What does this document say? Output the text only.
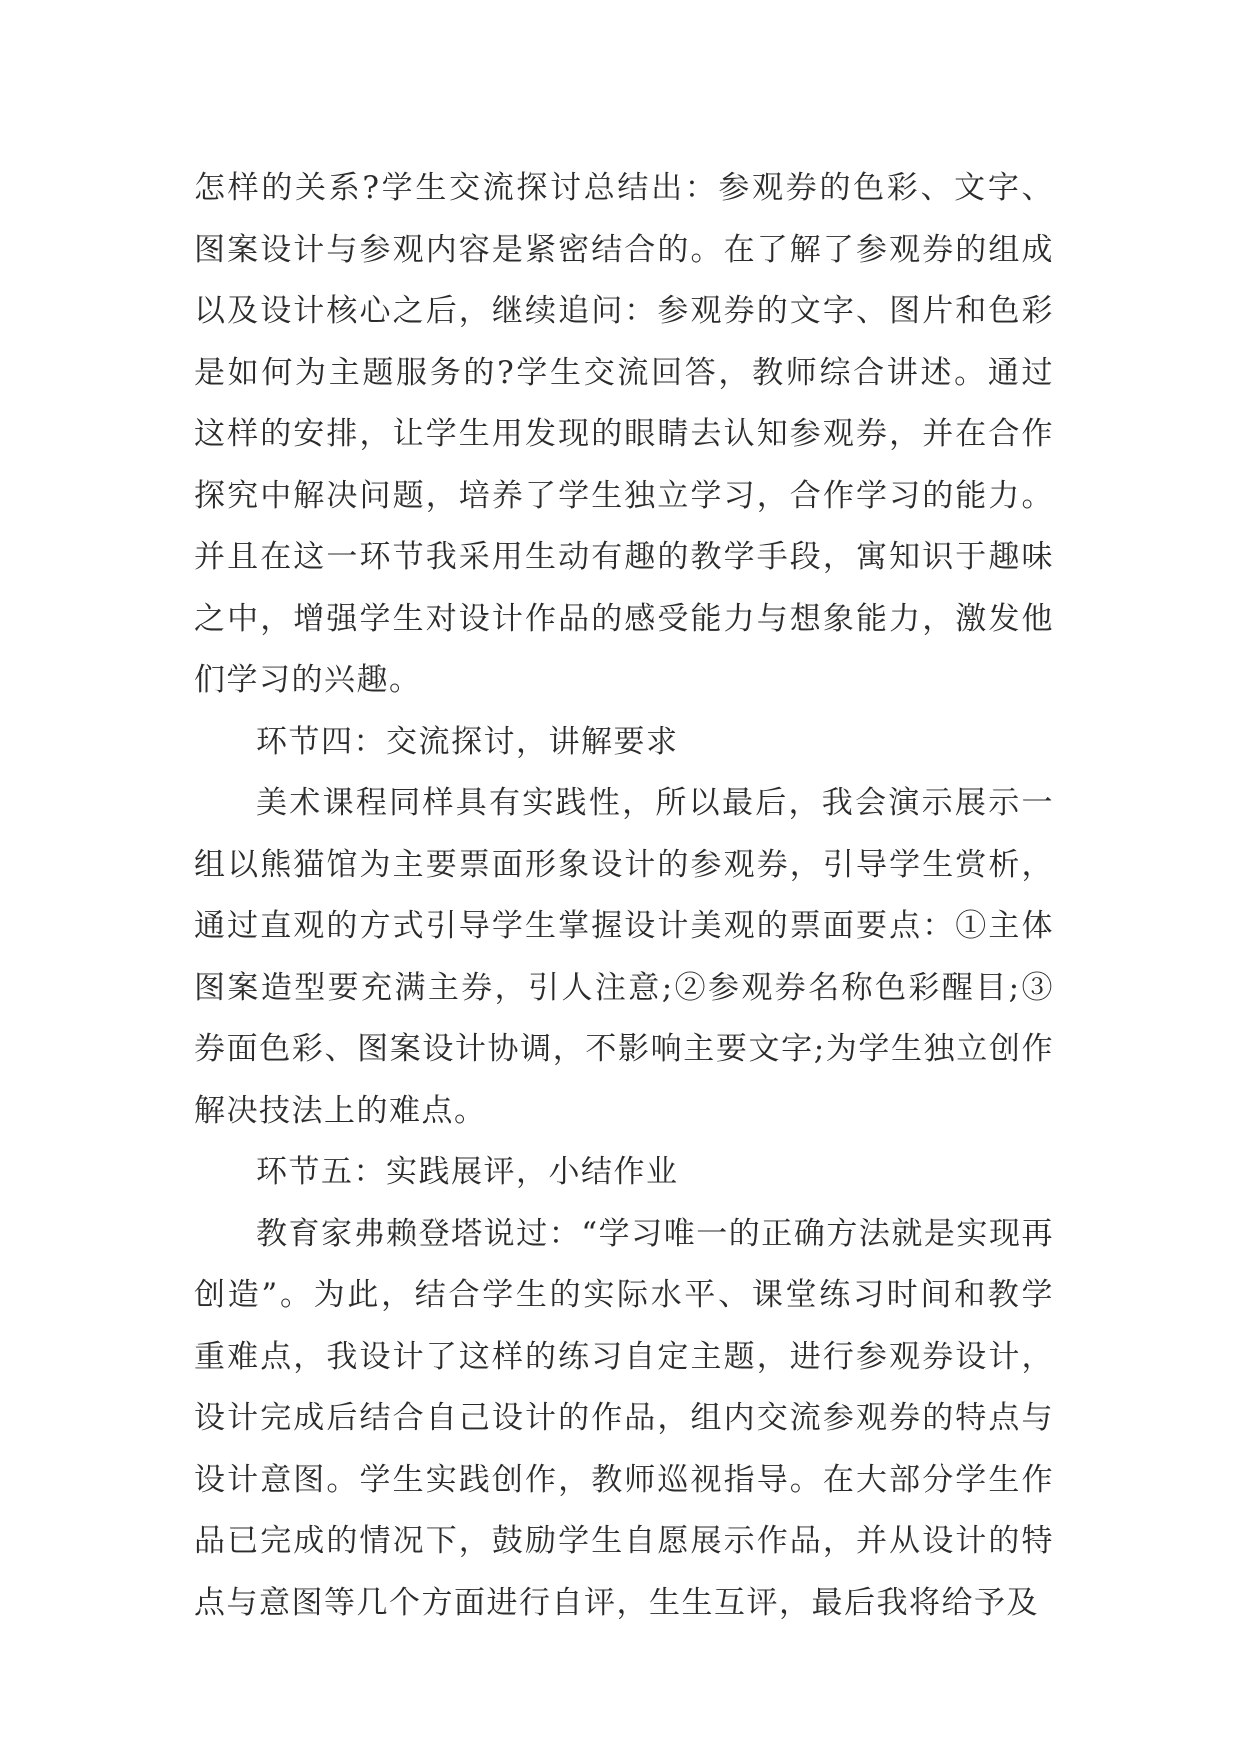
怎样的关系?学生交流探讨总结出：参观券的色彩、文字、图案设计与参观内容是紧密结合的。在了解了参观券的组成以及设计核心之后，继续追问：参观券的文字、图片和色彩是如何为主题服务的?学生交流回答，教师综合讲述。通过这样的安排，让学生用发现的眼睛去认知参观券，并在合作探究中解决问题，培养了学生独立学习，合作学习的能力。并且在这一环节我采用生动有趣的教学手段，寓知识于趣味之中，增强学生对设计作品的感受能力与想象能力，激发他们学习的兴趣。

环节四：交流探讨，讲解要求

美术课程同样具有实践性，所以最后，我会演示展示一组以熊猫馆为主要票面形象设计的参观券，引导学生赏析，通过直观的方式引导学生掌握设计美观的票面要点：①主体图案造型要充满主券，引人注意;②参观券名称色彩醒目;③券面色彩、图案设计协调，不影响主要文字;为学生独立创作解决技法上的难点。

环节五：实践展评，小结作业

教育家弗赖登塔说过：“学习唯一的正确方法就是实现再创造”。为此，结合学生的实际水平、课堂练习时间和教学重难点，我设计了这样的练习自定主题，进行参观券设计，设计完成后结合自己设计的作品，组内交流参观券的特点与设计意图。学生实践创作，教师巡视指导。在大部分学生作品已完成的情况下，鼓励学生自愿展示作品，并从设计的特点与意图等几个方面进行自评，生生互评，最后我将给予及
